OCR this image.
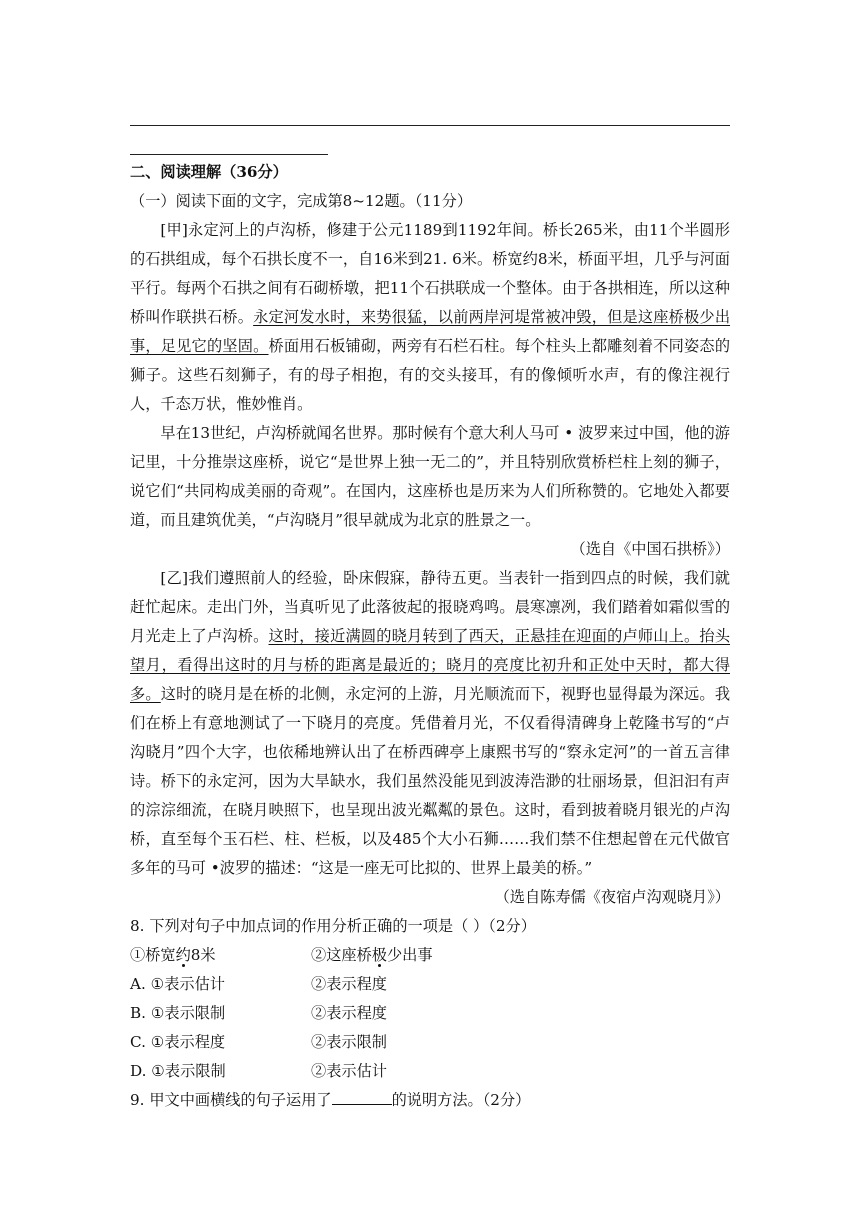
二、阅读理解（36分）

（一）阅读下面的文字，完成第8~12题。（11分）

[甲]永定河上的卢沟桥，修建于公元1189到1192年间。桥长265米，由11个半圆形的石拱组成，每个石拱长度不一，自16米到21. 6米。桥宽约8米，桥面平坦，几乎与河面平行。每两个石拱之间有石砌桥墩，把11个石拱联成一个整体。由于各拱相连，所以这种桥叫作联拱石桥。永定河发水时，来势很猛，以前两岸河堤常被冲毁，但是这座桥极少出事，足见它的坚固。桥面用石板铺砌，两旁有石栏石柱。每个柱头上都雕刻着不同姿态的狮子。这些石刻狮子，有的母子相抱，有的交头接耳，有的像倾听水声，有的像注视行人，千态万状，惟妙惟肖。

早在13世纪，卢沟桥就闻名世界。那时候有个意大利人马可 • 波罗来过中国，他的游记里，十分推崇这座桥，说它“是世界上独一无二的”，并且特别欣赏桥栏柱上刻的狮子，说它们“共同构成美丽的奇观”。在国内，这座桥也是历来为人们所称赞的。它地处入都要道，而且建筑优美，“卢沟晓月”很早就成为北京的胜景之一。

（选自《中国石拱桥》）

[乙]我们遵照前人的经验，卧床假寐，静待五更。当表针一指到四点的时候，我们就赶忙起床。走出门外，当真听见了此落彼起的报晓鸡鸣。晨寒凛冽，我们踏着如霜似雪的月光走上了卢沟桥。这时，接近满圆的晓月转到了西天，正悬挂在迎面的卢师山上。抬头望月，看得出这时的月与桥的距离是最近的；晓月的亮度比初升和正处中天时，都大得多。这时的晓月是在桥的北侧，永定河的上游，月光顺流而下，视野也显得最为深远。我们在桥上有意地测试了一下晓月的亮度。凭借着月光，不仅看得清碑身上乾隆书写的“卢沟晓月”四个大字，也依稀地辨认出了在桥西碑亭上康熙书写的“察永定河”的一首五言律诗。桥下的永定河，因为大旱缺水，我们虽然没能见到波涛浩渺的壮丽场景，但汩汩有声的淙淙细流，在晓月映照下，也呈现出波光粼粼的景色。这时，看到披着晓月银光的卢沟桥，直至每个玉石栏、柱、栏板，以及485个大小石狮……我们禁不住想起曾在元代做官多年的马可 •波罗的描述：“这是一座无可比拟的、世界上最美的桥。”

（选自陈寿儒《夜宿卢沟观晓月》）

8. 下列对句子中加点词的作用分析正确的一项是（ ）（2分）

①桥宽约8米	②这座桥极少出事
A. ①表示估计	②表示程度
B. ①表示限制	②表示程度
C. ①表示程度	②表示限制
D. ①表示限制	②表示估计

9. 甲文中画横线的句子运用了	的说明方法。（2分）
